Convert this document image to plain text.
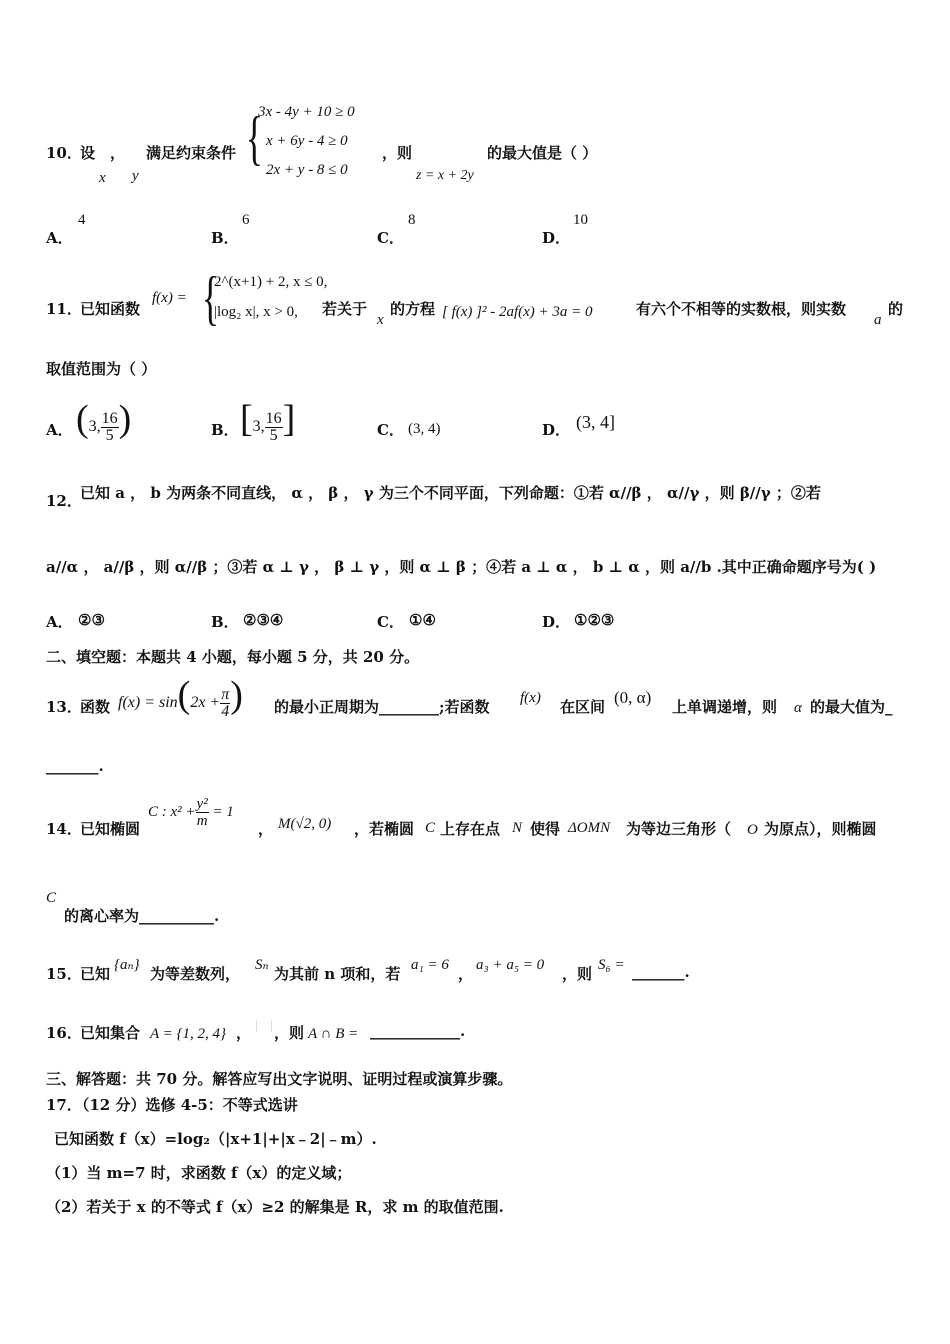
10．
设 ，
x y
满足约束条件 {
3x - 4y + 10 ≥ 0
x + 6y - 4 ≥ 0
2x + y - 8 ≤ 0
，则
z = x + 2y
的最大值是（ ）
A．
4
B．
6
C．
8
D．
10
11．
已知函数
f(x) = {
2^(x+1) + 2, x ≤ 0,
|log₂ x|, x > 0, 若关于
x
的方程 [ f(x) ]² - 2af(x) + 3a = 0	有六个不相等的实数根，则实数
a
的
取值范围为（ ）
A． (3, $\frac{16}{5}$ )	B． [3, $\frac{16}{5}$ ]	C． (3, 4)	D． (3, 4]
12．
已知 a ， b 为两条不同直线， α ， β ， γ 为三个不同平面，下列命题：①若 α//β ， α//γ ，则 β//γ ；②若
a//α ， a//β ，则 α//β ；③若 α ⊥ γ ， β ⊥ γ ，则 α ⊥ β ；④若 a ⊥ α ， b ⊥ α ，则 a//b .其中正确命题序号为( )
A． ②③	B． ②③④	C． ①④	D． ①②③
二、填空题：本题共 4 小题，每小题 5 分，共 20 分。
13．
函数 $f(x) = \sin(2x + \frac{\pi}{4}$ ) 的最小正周期为________;若函数 f(x) 在区间 (0, α) 上单调递增，则 α 的最大值为_
_______.
14．
已知椭圆
C : $x^2 + \frac{\text{y²}}{m} = 1$
， M(√2, 0) ，若椭圆 C 上存在点 N 使得 ΔOMN 为等边三角形（ O 为原点），则椭圆
C
的离心率为__________.
15．
已知 {aₙ} 为等差数列， Sₙ 为其前 n 项和，若 a₁ = 6 ， a₃ + a₅ = 0 ，则 S₆ = _______.
16．
已知集合 A = {1, 2, 4} ， ，则 A ∩ B = ____________.
三、解答题：共 70 分。解答应写出文字说明、证明过程或演算步骤。
17．（12 分）选修 4-5：不等式选讲
已知函数 f（x）=log₂（|x+1|+|x﹣2|﹣m）.
（1）当 m=7 时，求函数 f（x）的定义域；
（2）若关于 x 的不等式 f（x）≥2 的解集是 R，求 m 的取值范围.
